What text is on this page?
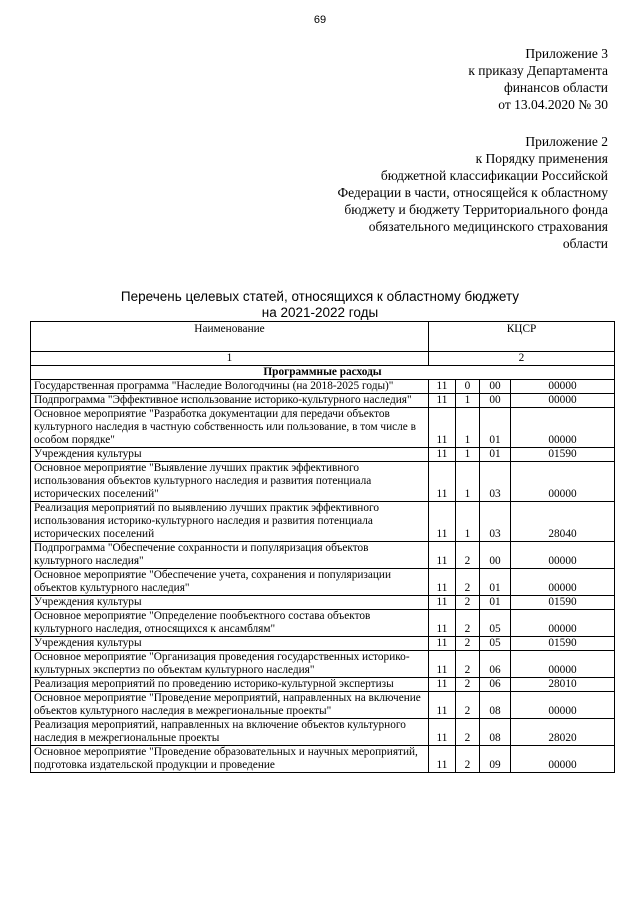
69
Приложение 3
к приказу Департамента
финансов области
от 13.04.2020 № 30
Приложение 2
к Порядку применения
бюджетной классификации Российской
Федерации в части, относящейся к областному
бюджету и бюджету Территориального фонда
обязательного медицинского страхования
области
Перечень целевых статей, относящихся к областному бюджету
на 2021-2022 годы
Наименование	КЦСР			
1	2			
Программные расходы				
Государственная программа "Наследие Вологодчины (на 2018-2025 годы)"	11	0	00	00000
Подпрограмма "Эффективное использование историко-культурного наследия"	11	1	00	00000
Основное мероприятие "Разработка документации для передачи объектов культурного наследия в частную собственность или пользование, в том числе в особом порядке"	11	1	01	00000
Учреждения культуры	11	1	01	01590
Основное мероприятие "Выявление лучших практик эффективного использования объектов культурного наследия и развития потенциала исторических поселений"	11	1	03	00000
Реализация мероприятий по выявлению лучших практик эффективного использования историко-культурного наследия и развития потенциала исторических поселений	11	1	03	28040
Подпрограмма "Обеспечение сохранности и популяризация объектов культурного наследия"	11	2	00	00000
Основное мероприятие "Обеспечение учета, сохранения и популяризации объектов культурного наследия"	11	2	01	00000
Учреждения культуры	11	2	01	01590
Основное мероприятие "Определение пообъектного состава объектов культурного наследия, относящихся к ансамблям"	11	2	05	00000
Учреждения культуры	11	2	05	01590
Основное мероприятие "Организация проведения государственных историко-культурных экспертиз по объектам культурного наследия"	11	2	06	00000
Реализация мероприятий по проведению историко-культурной экспертизы	11	2	06	28010
Основное мероприятие "Проведение мероприятий, направленных на включение объектов культурного наследия в межрегиональные проекты"	11	2	08	00000
Реализация мероприятий, направленных на включение объектов культурного наследия в межрегиональные проекты	11	2	08	28020
Основное мероприятие "Проведение образовательных и научных мероприятий, подготовка издательской продукции и проведение	11	2	09	00000
